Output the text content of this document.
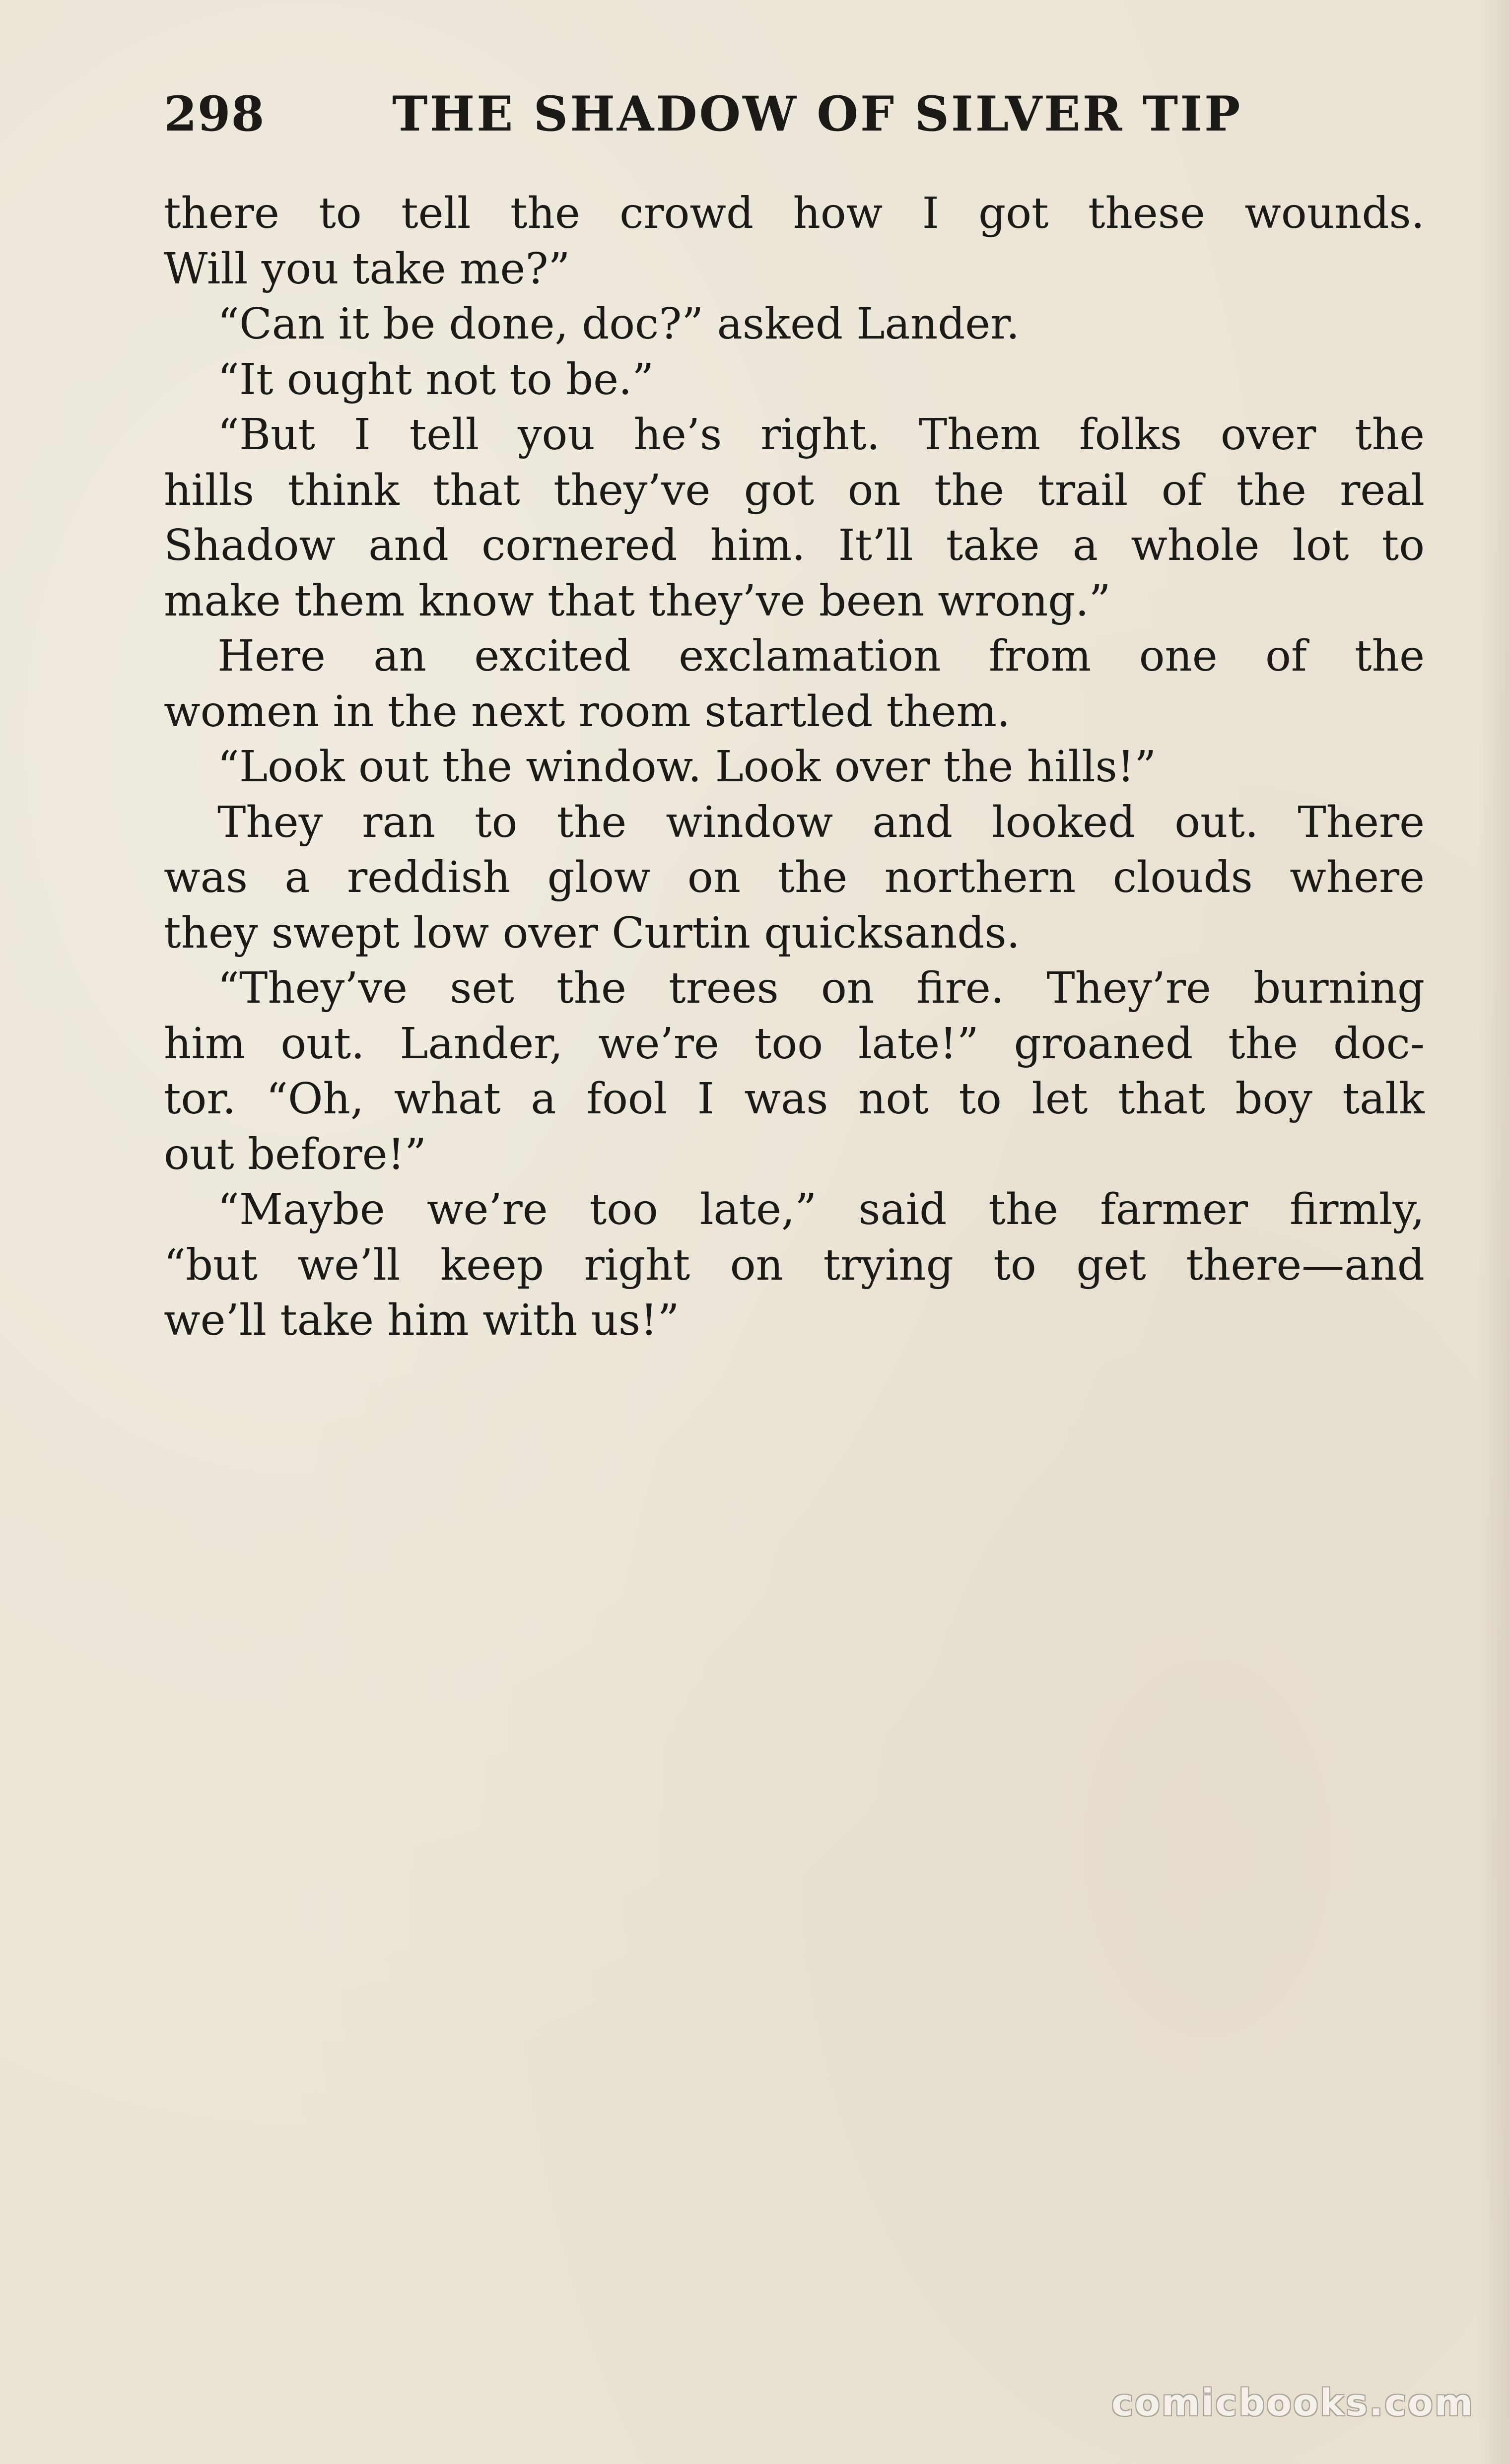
298	THE SHADOW OF SILVER TIP
there to tell the crowd how I got these wounds.
Will you take me?”
“Can it be done, doc?” asked Lander.
“It ought not to be.”
“But I tell you he’s right. Them folks over the
hills think that they’ve got on the trail of the real
Shadow and cornered him. It’ll take a whole lot to
make them know that they’ve been wrong.”
Here an excited exclamation from one of the
women in the next room startled them.
“Look out the window. Look over the hills!”
They ran to the window and looked out. There
was a reddish glow on the northern clouds where
they swept low over Curtin quicksands.
“They’ve set the trees on fire. They’re burning
him out. Lander, we’re too late!” groaned the doc-
tor. “Oh, what a fool I was not to let that boy talk
out before!”
“Maybe we’re too late,” said the farmer firmly,
“but we’ll keep right on trying to get there—and
we’ll take him with us!”
comicbooks.com
